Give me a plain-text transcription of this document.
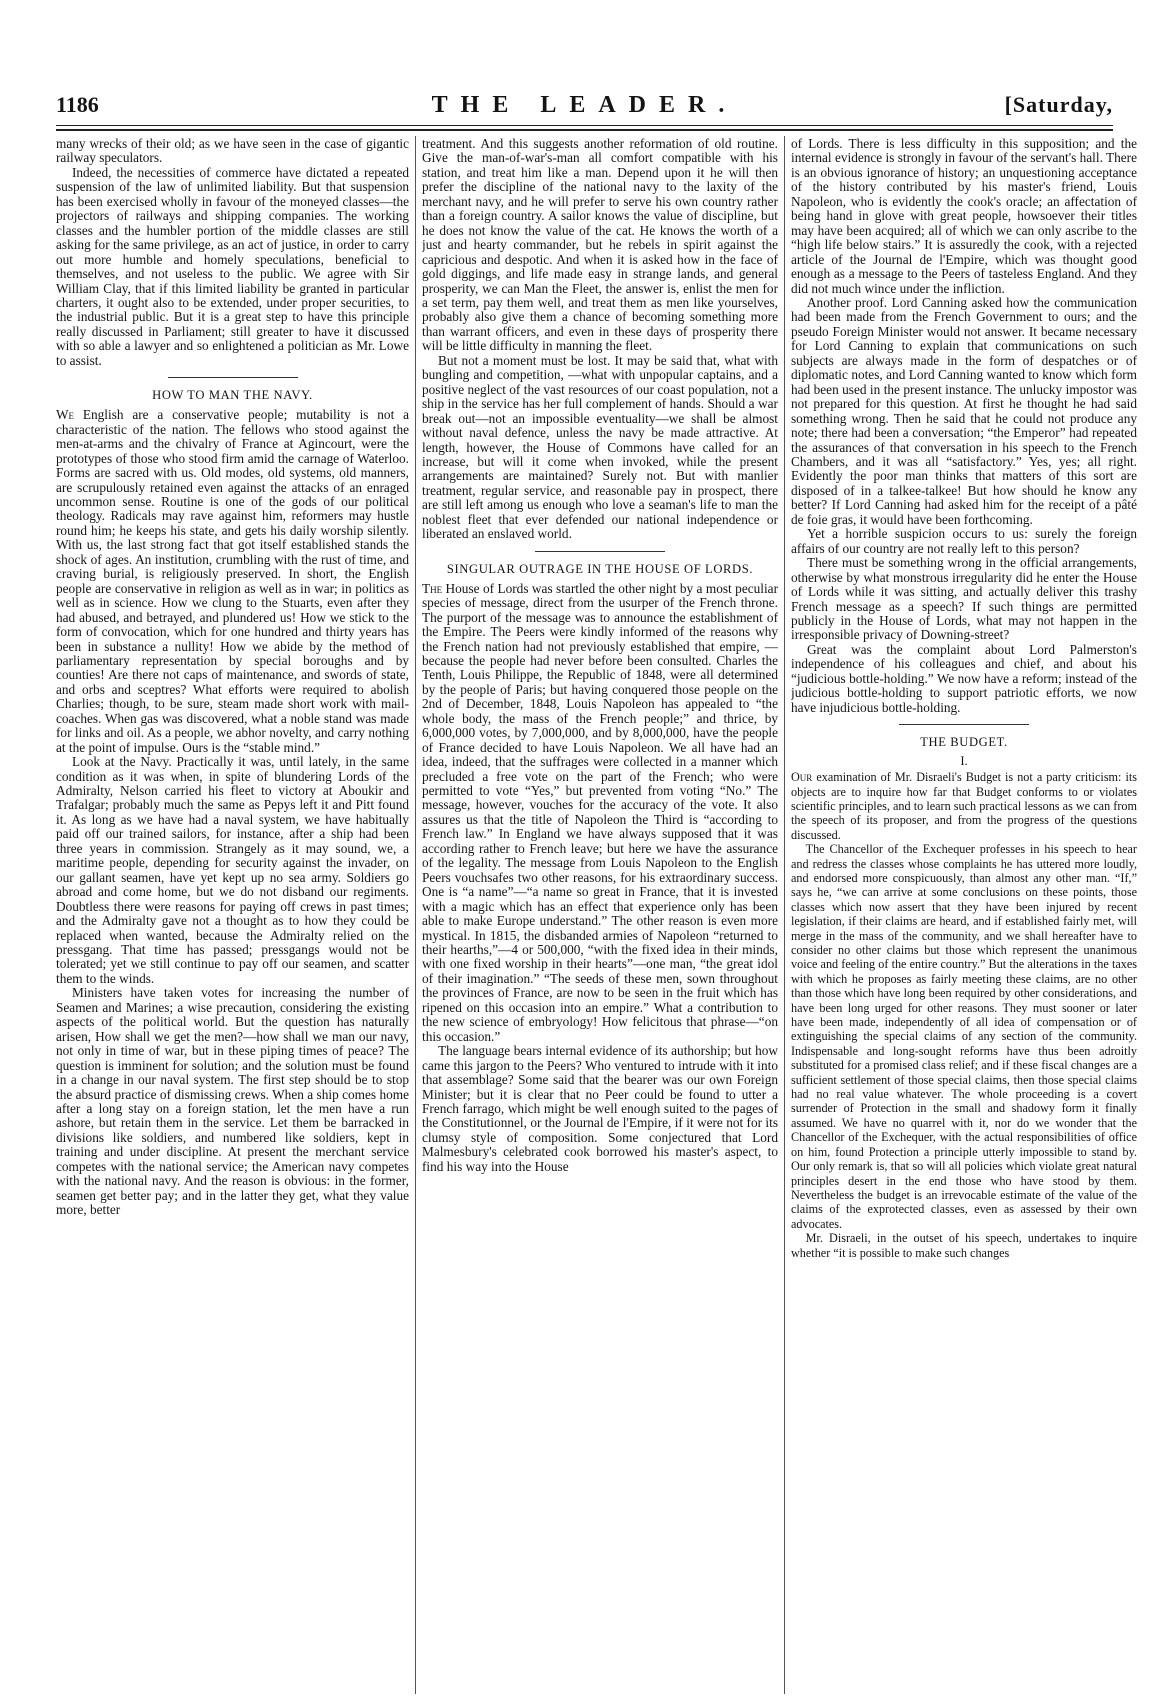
1186	THE LEADER.	[Saturday,

many wrecks of their old; as we have seen in the case of gigantic railway speculators.

Indeed, the necessities of commerce have dictated a repeated suspension of the law of unlimited liability. But that suspension has been exercised wholly in favour of the moneyed classes—the projectors of railways and shipping companies. The working classes and the humbler portion of the middle classes are still asking for the same privilege, as an act of justice, in order to carry out more humble and homely speculations, beneficial to themselves, and not useless to the public. We agree with Sir William Clay, that if this limited liability be granted in particular charters, it ought also to be extended, under proper securities, to the industrial public. But it is a great step to have this principle really discussed in Parliament; still greater to have it discussed with so able a lawyer and so enlightened a politician as Mr. Lowe to assist.

HOW TO MAN THE NAVY.

We English are a conservative people; mutability is not a characteristic of the nation. The fellows who stood against the men-at-arms and the chivalry of France at Agincourt, were the prototypes of those who stood firm amid the carnage of Waterloo. Forms are sacred with us. Old modes, old systems, old manners, are scrupulously retained even against the attacks of an enraged uncommon sense. Routine is one of the gods of our political theology. Radicals may rave against him, reformers may hustle round him; he keeps his state, and gets his daily worship silently. With us, the last strong fact that got itself established stands the shock of ages. An institution, crumbling with the rust of time, and craving burial, is religiously preserved. In short, the English people are conservative in religion as well as in war; in politics as well as in science. How we clung to the Stuarts, even after they had abused, and betrayed, and plundered us! How we stick to the form of convocation, which for one hundred and thirty years has been in substance a nullity! How we abide by the method of parliamentary representation by special boroughs and by counties! Are there not caps of maintenance, and swords of state, and orbs and sceptres? What efforts were required to abolish Charlies; though, to be sure, steam made short work with mail-coaches. When gas was discovered, what a noble stand was made for links and oil. As a people, we abhor novelty, and carry nothing at the point of impulse. Ours is the “stable mind.”

Look at the Navy. Practically it was, until lately, in the same condition as it was when, in spite of blundering Lords of the Admiralty, Nelson carried his fleet to victory at Aboukir and Trafalgar; probably much the same as Pepys left it and Pitt found it. As long as we have had a naval system, we have habitually paid off our trained sailors, for instance, after a ship had been three years in commission. Strangely as it may sound, we, a maritime people, depending for security against the invader, on our gallant seamen, have yet kept up no sea army. Soldiers go abroad and come home, but we do not disband our regiments. Doubtless there were reasons for paying off crews in past times; and the Admiralty gave not a thought as to how they could be replaced when wanted, because the Admiralty relied on the pressgang. That time has passed; pressgangs would not be tolerated; yet we still continue to pay off our seamen, and scatter them to the winds.

Ministers have taken votes for increasing the number of Seamen and Marines; a wise precaution, considering the existing aspects of the political world. But the question has naturally arisen, How shall we get the men?—how shall we man our navy, not only in time of war, but in these piping times of peace? The question is imminent for solution; and the solution must be found in a change in our naval system. The first step should be to stop the absurd practice of dismissing crews. When a ship comes home after a long stay on a foreign station, let the men have a run ashore, but retain them in the service. Let them be barracked in divisions like soldiers, and numbered like soldiers, kept in training and under discipline. At present the merchant service competes with the national service; the American navy competes with the national navy. And the reason is obvious: in the former, seamen get better pay; and in the latter they get, what they value more, better

treatment. And this suggests another reformation of old routine. Give the man-of-war's-man all comfort compatible with his station, and treat him like a man. Depend upon it he will then prefer the discipline of the national navy to the laxity of the merchant navy, and he will prefer to serve his own country rather than a foreign country. A sailor knows the value of discipline, but he does not know the value of the cat. He knows the worth of a just and hearty commander, but he rebels in spirit against the capricious and despotic. And when it is asked how in the face of gold diggings, and life made easy in strange lands, and general prosperity, we can Man the Fleet, the answer is, enlist the men for a set term, pay them well, and treat them as men like yourselves, probably also give them a chance of becoming something more than warrant officers, and even in these days of prosperity there will be little difficulty in manning the fleet.

But not a moment must be lost. It may be said that, what with bungling and competition, —what with unpopular captains, and a positive neglect of the vast resources of our coast population, not a ship in the service has her full complement of hands. Should a war break out—not an impossible eventuality—we shall be almost without naval defence, unless the navy be made attractive. At length, however, the House of Commons have called for an increase, but will it come when invoked, while the present arrangements are maintained? Surely not. But with manlier treatment, regular service, and reasonable pay in prospect, there are still left among us enough who love a seaman's life to man the noblest fleet that ever defended our national independence or liberated an enslaved world.

SINGULAR OUTRAGE IN THE HOUSE OF LORDS.

The House of Lords was startled the other night by a most peculiar species of message, direct from the usurper of the French throne. The purport of the message was to announce the establishment of the Empire. The Peers were kindly informed of the reasons why the French nation had not previously established that empire, —because the people had never before been consulted. Charles the Tenth, Louis Philippe, the Republic of 1848, were all determined by the people of Paris; but having conquered those people on the 2nd of December, 1848, Louis Napoleon has appealed to “the whole body, the mass of the French people;” and thrice, by 6,000,000 votes, by 7,000,000, and by 8,000,000, have the people of France decided to have Louis Napoleon. We all have had an idea, indeed, that the suffrages were collected in a manner which precluded a free vote on the part of the French; who were permitted to vote “Yes,” but prevented from voting “No.” The message, however, vouches for the accuracy of the vote. It also assures us that the title of Napoleon the Third is “according to French law.” In England we have always supposed that it was according rather to French leave; but here we have the assurance of the legality. The message from Louis Napoleon to the English Peers vouchsafes two other reasons, for his extraordinary success. One is “a name”—“a name so great in France, that it is invested with a magic which has an effect that experience only has been able to make Europe understand.” The other reason is even more mystical. In 1815, the disbanded armies of Napoleon “returned to their hearths,”—4 or 500,000, “with the fixed idea in their minds, with one fixed worship in their hearts”—one man, “the great idol of their imagination.” “The seeds of these men, sown throughout the provinces of France, are now to be seen in the fruit which has ripened on this occasion into an empire.” What a contribution to the new science of embryology! How felicitous that phrase—“on this occasion.”

The language bears internal evidence of its authorship; but how came this jargon to the Peers? Who ventured to intrude with it into that assemblage? Some said that the bearer was our own Foreign Minister; but it is clear that no Peer could be found to utter a French farrago, which might be well enough suited to the pages of the Constitutionnel, or the Journal de l'Empire, if it were not for its clumsy style of composition. Some conjectured that Lord Malmesbury's celebrated cook borrowed his master's aspect, to find his way into the House

of Lords. There is less difficulty in this supposition; and the internal evidence is strongly in favour of the servant's hall. There is an obvious ignorance of history; an unquestioning acceptance of the history contributed by his master's friend, Louis Napoleon, who is evidently the cook's oracle; an affectation of being hand in glove with great people, howsoever their titles may have been acquired; all of which we can only ascribe to the “high life below stairs.” It is assuredly the cook, with a rejected article of the Journal de l'Empire, which was thought good enough as a message to the Peers of tasteless England. And they did not much wince under the infliction.

Another proof. Lord Canning asked how the communication had been made from the French Government to ours; and the pseudo Foreign Minister would not answer. It became necessary for Lord Canning to explain that communications on such subjects are always made in the form of despatches or of diplomatic notes, and Lord Canning wanted to know which form had been used in the present instance. The unlucky impostor was not prepared for this question. At first he thought he had said something wrong. Then he said that he could not produce any note; there had been a conversation; “the Emperor” had repeated the assurances of that conversation in his speech to the French Chambers, and it was all “satisfactory.” Yes, yes; all right. Evidently the poor man thinks that matters of this sort are disposed of in a talkee-talkee! But how should he know any better? If Lord Canning had asked him for the receipt of a pâté de foie gras, it would have been forthcoming.

Yet a horrible suspicion occurs to us: surely the foreign affairs of our country are not really left to this person?

There must be something wrong in the official arrangements, otherwise by what monstrous irregularity did he enter the House of Lords while it was sitting, and actually deliver this trashy French message as a speech? If such things are permitted publicly in the House of Lords, what may not happen in the irresponsible privacy of Downing-street?

Great was the complaint about Lord Palmerston's independence of his colleagues and chief, and about his “judicious bottle-holding.” We now have a reform; instead of the judicious bottle-holding to support patriotic efforts, we now have injudicious bottle-holding.

THE BUDGET.
I.

Our examination of Mr. Disraeli's Budget is not a party criticism: its objects are to inquire how far that Budget conforms to or violates scientific principles, and to learn such practical lessons as we can from the speech of its proposer, and from the progress of the questions discussed.

The Chancellor of the Exchequer professes in his speech to hear and redress the classes whose complaints he has uttered more loudly, and endorsed more conspicuously, than almost any other man. “If,” says he, “we can arrive at some conclusions on these points, those classes which now assert that they have been injured by recent legislation, if their claims are heard, and if established fairly met, will merge in the mass of the community, and we shall hereafter have to consider no other claims but those which represent the unanimous voice and feeling of the entire country.” But the alterations in the taxes with which he proposes as fairly meeting these claims, are no other than those which have long been required by other considerations, and have been long urged for other reasons. They must sooner or later have been made, independently of all idea of compensation or of extinguishing the special claims of any section of the community. Indispensable and long-sought reforms have thus been adroitly substituted for a promised class relief; and if these fiscal changes are a sufficient settlement of those special claims, then those special claims had no real value whatever. The whole proceeding is a covert surrender of Protection in the small and shadowy form it finally assumed. We have no quarrel with it, nor do we wonder that the Chancellor of the Exchequer, with the actual responsibilities of office on him, found Protection a principle utterly impossible to stand by. Our only remark is, that so will all policies which violate great natural principles desert in the end those who have stood by them. Nevertheless the budget is an irrevocable estimate of the value of the claims of the exprotected classes, even as assessed by their own advocates.

Mr. Disraeli, in the outset of his speech, undertakes to inquire whether “it is possible to make such changes
